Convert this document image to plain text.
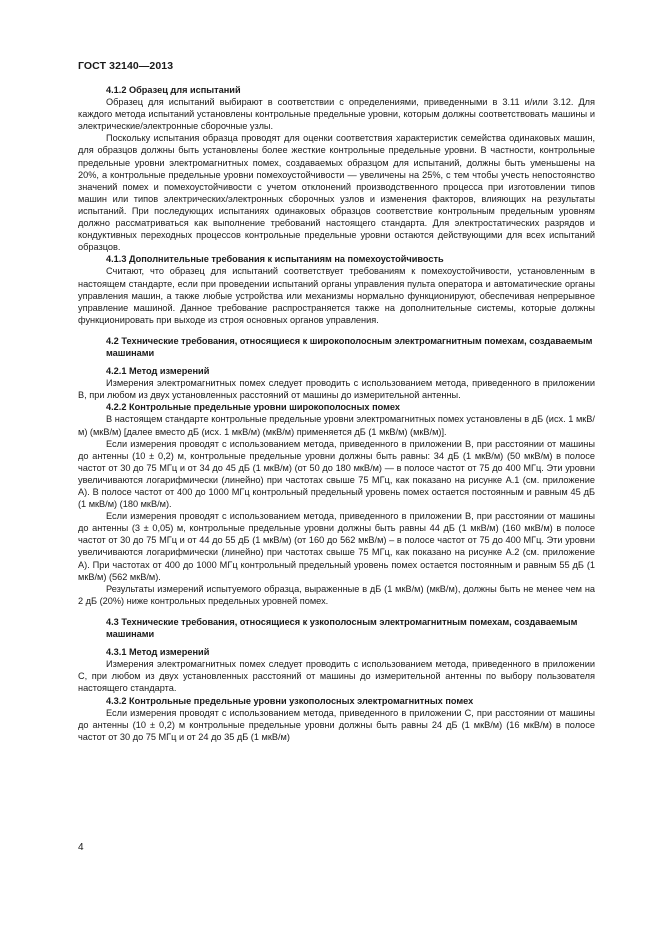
ГОСТ 32140—2013
4.1.2 Образец для испытаний

Образец для испытаний выбирают в соответствии с определениями, приведенными в 3.11 и/или 3.12. Для каждого метода испытаний установлены контрольные предельные уровни, которым должны соответствовать машины и электрические/электронные сборочные узлы.

Поскольку испытания образца проводят для оценки соответствия характеристик семейства одинаковых машин, для образцов должны быть установлены более жесткие контрольные предельные уровни. В частности, контрольные предельные уровни электромагнитных помех, создаваемых образцом для испытаний, должны быть уменьшены на 20%, а контрольные предельные уровни помехоустойчивости — увеличены на 25%, с тем чтобы учесть непостоянство значений помех и помехоустойчивости с учетом отклонений производственного процесса при изготовлении типов машин или типов электрических/электронных сборочных узлов и изменения факторов, влияющих на результаты испытаний. При последующих испытаниях одинаковых образцов соответствие контрольным предельным уровням должно рассматриваться как выполнение требований настоящего стандарта. Для электростатических разрядов и кондуктивных переходных процессов контрольные предельные уровни остаются действующими для всех испытаний образцов.

4.1.3 Дополнительные требования к испытаниям на помехоустойчивость

Считают, что образец для испытаний соответствует требованиям к помехоустойчивости, установленным в настоящем стандарте, если при проведении испытаний органы управления пульта оператора и автоматические органы управления машин, а также любые устройства или механизмы нормально функционируют, обеспечивая непрерывное управление машиной. Данное требование распространяется также на дополнительные системы, которые должны функционировать при выходе из строя основных органов управления.

4.2 Технические требования, относящиеся к широкополосным электромагнитным помехам, создаваемым машинами
4.2.1 Метод измерений

Измерения электромагнитных помех следует проводить с использованием метода, приведенного в приложении В, при любом из двух установленных расстояний от машины до измерительной антенны.

4.2.2 Контрольные предельные уровни широкополосных помех

В настоящем стандарте контрольные предельные уровни электромагнитных помех установлены в дБ (исх. 1 мкВ/м) (мкВ/м) [далее вместо дБ (исх. 1 мкВ/м) (мкВ/м) применяется дБ (1 мкВ/м) (мкВ/м)].

Если измерения проводят с использованием метода, приведенного в приложении В, при расстоянии от машины до антенны (10 ± 0,2) м, контрольные предельные уровни должны быть равны: 34 дБ (1 мкВ/м) (50 мкВ/м) в полосе частот от 30 до 75 МГц и от 34 до 45 дБ (1 мкВ/м) (от 50 до 180 мкВ/м) — в полосе частот от 75 до 400 МГц. Эти уровни увеличиваются логарифмически (линейно) при частотах свыше 75 МГц, как показано на рисунке А.1 (см. приложение А). В полосе частот от 400 до 1000 МГц контрольный предельный уровень помех остается постоянным и равным 45 дБ (1 мкВ/м) (180 мкВ/м).

Если измерения проводят с использованием метода, приведенного в приложении В, при расстоянии от машины до антенны (3 ± 0,05) м, контрольные предельные уровни должны быть равны 44 дБ (1 мкВ/м) (160 мкВ/м) в полосе частот от 30 до 75 МГц и от 44 до 55 дБ (1 мкВ/м) (от 160 до 562 мкВ/м) – в полосе частот от 75 до 400 МГц. Эти уровни увеличиваются логарифмически (линейно) при частотах свыше 75 МГц, как показано на рисунке А.2 (см. приложение А). При частотах от 400 до 1000 МГц контрольный предельный уровень помех остается постоянным и равным 55 дБ (1 мкВ/м) (562 мкВ/м).

Результаты измерений испытуемого образца, выраженные в дБ (1 мкВ/м) (мкВ/м), должны быть не менее чем на 2 дБ (20%) ниже контрольных предельных уровней помех.

4.3 Технические требования, относящиеся к узкополосным электромагнитным помехам, создаваемым машинами
4.3.1 Метод измерений

Измерения электромагнитных помех следует проводить с использованием метода, приведенного в приложении С, при любом из двух установленных расстояний от машины до измерительной антенны по выбору пользователя настоящего стандарта.

4.3.2 Контрольные предельные уровни узкополосных электромагнитных помех

Если измерения проводят с использованием метода, приведенного в приложении С, при расстоянии от машины до антенны (10 ± 0,2) м контрольные предельные уровни должны быть равны 24 дБ (1 мкВ/м) (16 мкВ/м) в полосе частот от 30 до 75 МГц и от 24 до 35 дБ (1 мкВ/м)

4
